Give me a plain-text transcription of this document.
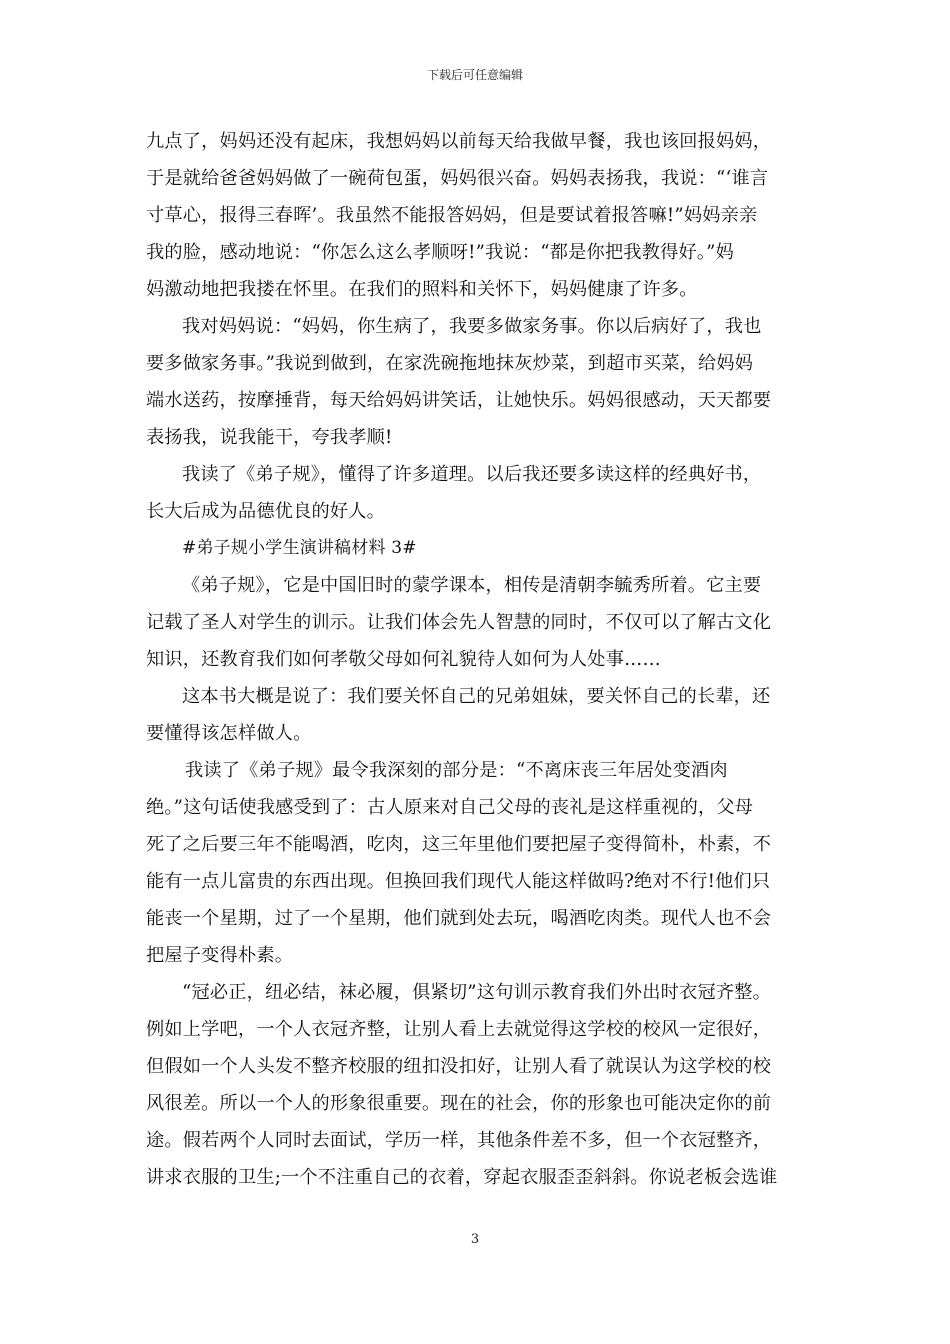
下载后可任意编辑
九点了，妈妈还没有起床，我想妈妈以前每天给我做早餐，我也该回报妈妈，
于是就给爸爸妈妈做了一碗荷包蛋，妈妈很兴奋。妈妈表扬我，我说：“‘谁言
寸草心，报得三春晖’。我虽然不能报答妈妈，但是要试着报答嘛!”妈妈亲亲
我的脸，感动地说：“你怎么这么孝顺呀!”我说：“都是你把我教得好。”妈
妈激动地把我搂在怀里。在我们的照料和关怀下，妈妈健康了许多。
我对妈妈说：“妈妈，你生病了，我要多做家务事。你以后病好了，我也
要多做家务事。”我说到做到，在家洗碗拖地抹灰炒菜，到超市买菜，给妈妈
端水送药，按摩捶背，每天给妈妈讲笑话，让她快乐。妈妈很感动，天天都要
表扬我，说我能干，夸我孝顺!
我读了《弟子规》，懂得了许多道理。以后我还要多读这样的经典好书，
长大后成为品德优良的好人。
#弟子规小学生演讲稿材料 3#
《弟子规》，它是中国旧时的蒙学课本，相传是清朝李毓秀所着。它主要
记载了圣人对学生的训示。让我们体会先人智慧的同时，不仅可以了解古文化
知识，还教育我们如何孝敬父母如何礼貌待人如何为人处事……
这本书大概是说了：我们要关怀自己的兄弟姐妹，要关怀自己的长辈，还
要懂得该怎样做人。
我读了《弟子规》最令我深刻的部分是：“不离床丧三年居处变酒肉
绝。”这句话使我感受到了：古人原来对自己父母的丧礼是这样重视的，父母
死了之后要三年不能喝酒，吃肉，这三年里他们要把屋子变得简朴，朴素，不
能有一点儿富贵的东西出现。但换回我们现代人能这样做吗?绝对不行!他们只
能丧一个星期，过了一个星期，他们就到处去玩，喝酒吃肉类。现代人也不会
把屋子变得朴素。
“冠必正，纽必结，袜必履，俱紧切”这句训示教育我们外出时衣冠齐整。
例如上学吧，一个人衣冠齐整，让别人看上去就觉得这学校的校风一定很好，
但假如一个人头发不整齐校服的纽扣没扣好，让别人看了就误认为这学校的校
风很差。所以一个人的形象很重要。现在的社会，你的形象也可能决定你的前
途。假若两个人同时去面试，学历一样，其他条件差不多，但一个衣冠整齐，
讲求衣服的卫生;一个不注重自己的衣着，穿起衣服歪歪斜斜。你说老板会选谁
3
